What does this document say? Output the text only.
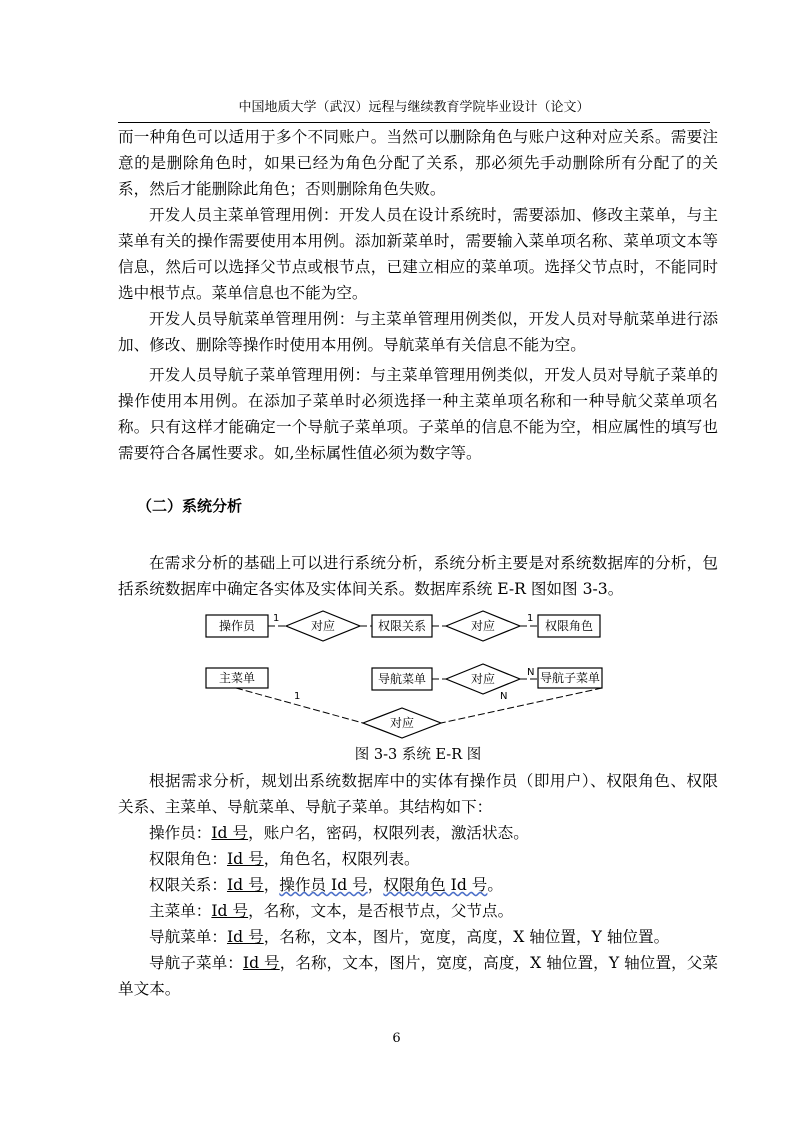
中国地质大学（武汉）远程与继续教育学院毕业设计（论文）

而一种角色可以适用于多个不同账户。当然可以删除角色与账户这种对应关系。需要注意的是删除角色时，如果已经为角色分配了关系，那必须先手动删除所有分配了的关系，然后才能删除此角色；否则删除角色失败。

开发人员主菜单管理用例：开发人员在设计系统时，需要添加、修改主菜单，与主菜单有关的操作需要使用本用例。添加新菜单时，需要输入菜单项名称、菜单项文本等信息，然后可以选择父节点或根节点，已建立相应的菜单项。选择父节点时，不能同时选中根节点。菜单信息也不能为空。

开发人员导航菜单管理用例：与主菜单管理用例类似，开发人员对导航菜单进行添加、修改、删除等操作时使用本用例。导航菜单有关信息不能为空。

开发人员导航子菜单管理用例：与主菜单管理用例类似，开发人员对导航子菜单的操作使用本用例。在添加子菜单时必须选择一种主菜单项名称和一种导航父菜单项名称。只有这样才能确定一个导航子菜单项。子菜单的信息不能为空，相应属性的填写也需要符合各属性要求。如,坐标属性值必须为数字等。

（二）系统分析

在需求分析的基础上可以进行系统分析，系统分析主要是对系统数据库的分析，包括系统数据库中确定各实体及实体间关系。数据库系统 E-R 图如图 3-3。

操作员	权限关系	权限角色
主菜单	导航菜单	导航子菜单
对应	对应
对应
对应
1	1
N
1	N
图 3-3 系统 E-R 图

根据需求分析，规划出系统数据库中的实体有操作员（即用户）、权限角色、权限关系、主菜单、导航菜单、导航子菜单。其结构如下：

操作员：Id 号，账户名，密码，权限列表，激活状态。

权限角色：Id 号，角色名，权限列表。

权限关系：Id 号，操作员 Id 号，权限角色 Id 号。

主菜单：Id 号，名称，文本，是否根节点，父节点。

导航菜单：Id 号，名称，文本，图片，宽度，高度，X 轴位置，Y 轴位置。

导航子菜单：Id 号，名称，文本，图片，宽度，高度，X 轴位置，Y 轴位置，父菜单文本。

6
